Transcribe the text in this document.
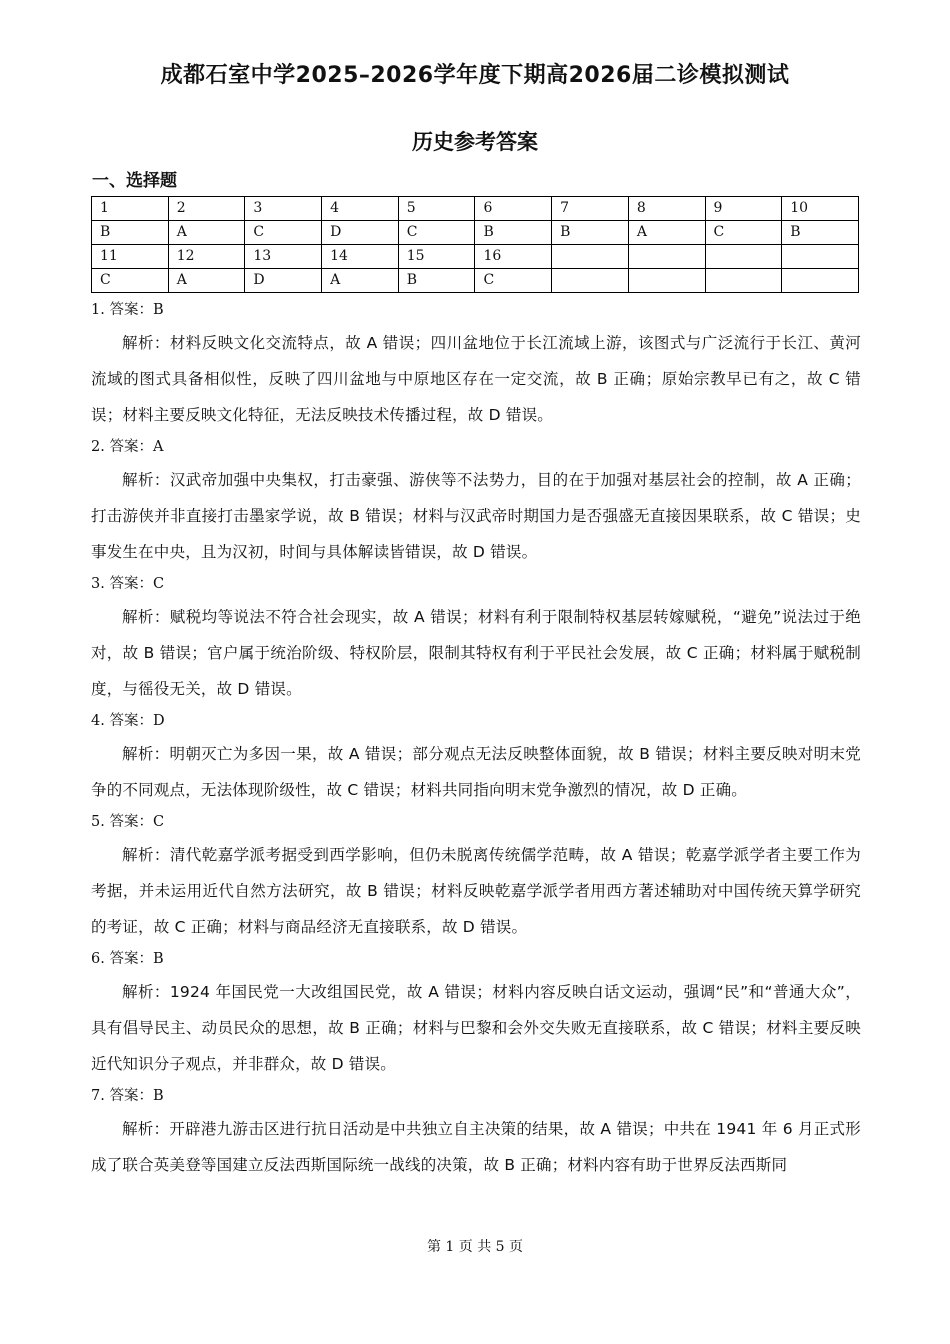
成都石室中学2025–2026学年度下期高2026届二诊模拟测试
历史参考答案
一、选择题
1	2	3	4	5	6	7	8	9	10
B	A	C	D	C	B	B	A	C	B
11	12	13	14	15	16				
C	A	D	A	B	C				
1. 答案：B
解析：材料反映文化交流特点，故 A 错误；四川盆地位于长江流域上游，该图式与广泛流行于长江、黄河流域的图式具备相似性，反映了四川盆地与中原地区存在一定交流，故 B 正确；原始宗教早已有之，故 C 错误；材料主要反映文化特征，无法反映技术传播过程，故 D 错误。
2. 答案：A
解析：汉武帝加强中央集权，打击豪强、游侠等不法势力，目的在于加强对基层社会的控制，故 A 正确；打击游侠并非直接打击墨家学说，故 B 错误；材料与汉武帝时期国力是否强盛无直接因果联系，故 C 错误；史事发生在中央，且为汉初，时间与具体解读皆错误，故 D 错误。
3. 答案：C
解析：赋税均等说法不符合社会现实，故 A 错误；材料有利于限制特权基层转嫁赋税，“避免”说法过于绝对，故 B 错误；官户属于统治阶级、特权阶层，限制其特权有利于平民社会发展，故 C 正确；材料属于赋税制度，与徭役无关，故 D 错误。
4. 答案：D
解析：明朝灭亡为多因一果，故 A 错误；部分观点无法反映整体面貌，故 B 错误；材料主要反映对明末党争的不同观点，无法体现阶级性，故 C 错误；材料共同指向明末党争激烈的情况，故 D 正确。
5. 答案：C
解析：清代乾嘉学派考据受到西学影响，但仍未脱离传统儒学范畴，故 A 错误；乾嘉学派学者主要工作为考据，并未运用近代自然方法研究，故 B 错误；材料反映乾嘉学派学者用西方著述辅助对中国传统天算学研究的考证，故 C 正确；材料与商品经济无直接联系，故 D 错误。
6. 答案：B
解析：1924 年国民党一大改组国民党，故 A 错误；材料内容反映白话文运动，强调“民”和“普通大众”，具有倡导民主、动员民众的思想，故 B 正确；材料与巴黎和会外交失败无直接联系，故 C 错误；材料主要反映近代知识分子观点，并非群众，故 D 错误。
7. 答案：B
解析：开辟港九游击区进行抗日活动是中共独立自主决策的结果，故 A 错误；中共在 1941 年 6 月正式形成了联合英美登等国建立反法西斯国际统一战线的决策，故 B 正确；材料内容有助于世界反法西斯同
第 1 页 共 5 页
